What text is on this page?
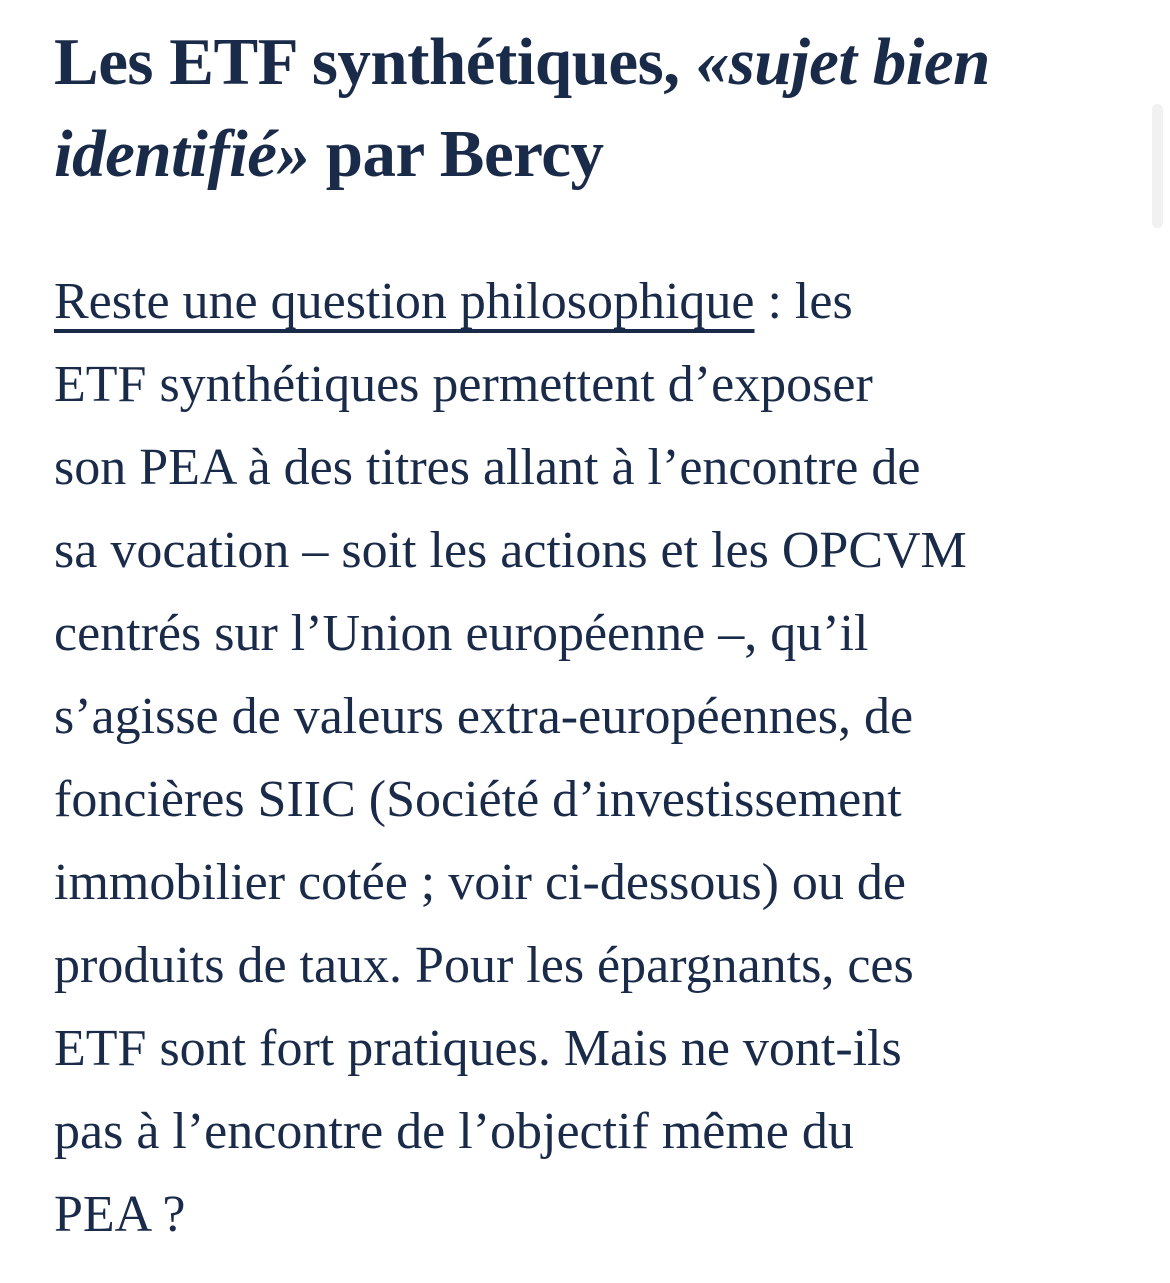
Les ETF synthétiques, «sujet bien identifié» par Bercy
Reste une question philosophique : les
ETF synthétiques permettent d’exposer
son PEA à des titres allant à l’encontre de
sa vocation – soit les actions et les OPCVM
centrés sur l’Union européenne –, qu’il
s’agisse de valeurs extra-européennes, de
foncières SIIC (Société d’investissement
immobilier cotée ; voir ci-dessous) ou de
produits de taux. Pour les épargnants, ces
ETF sont fort pratiques. Mais ne vont-ils
pas à l’encontre de l’objectif même du
PEA ?
